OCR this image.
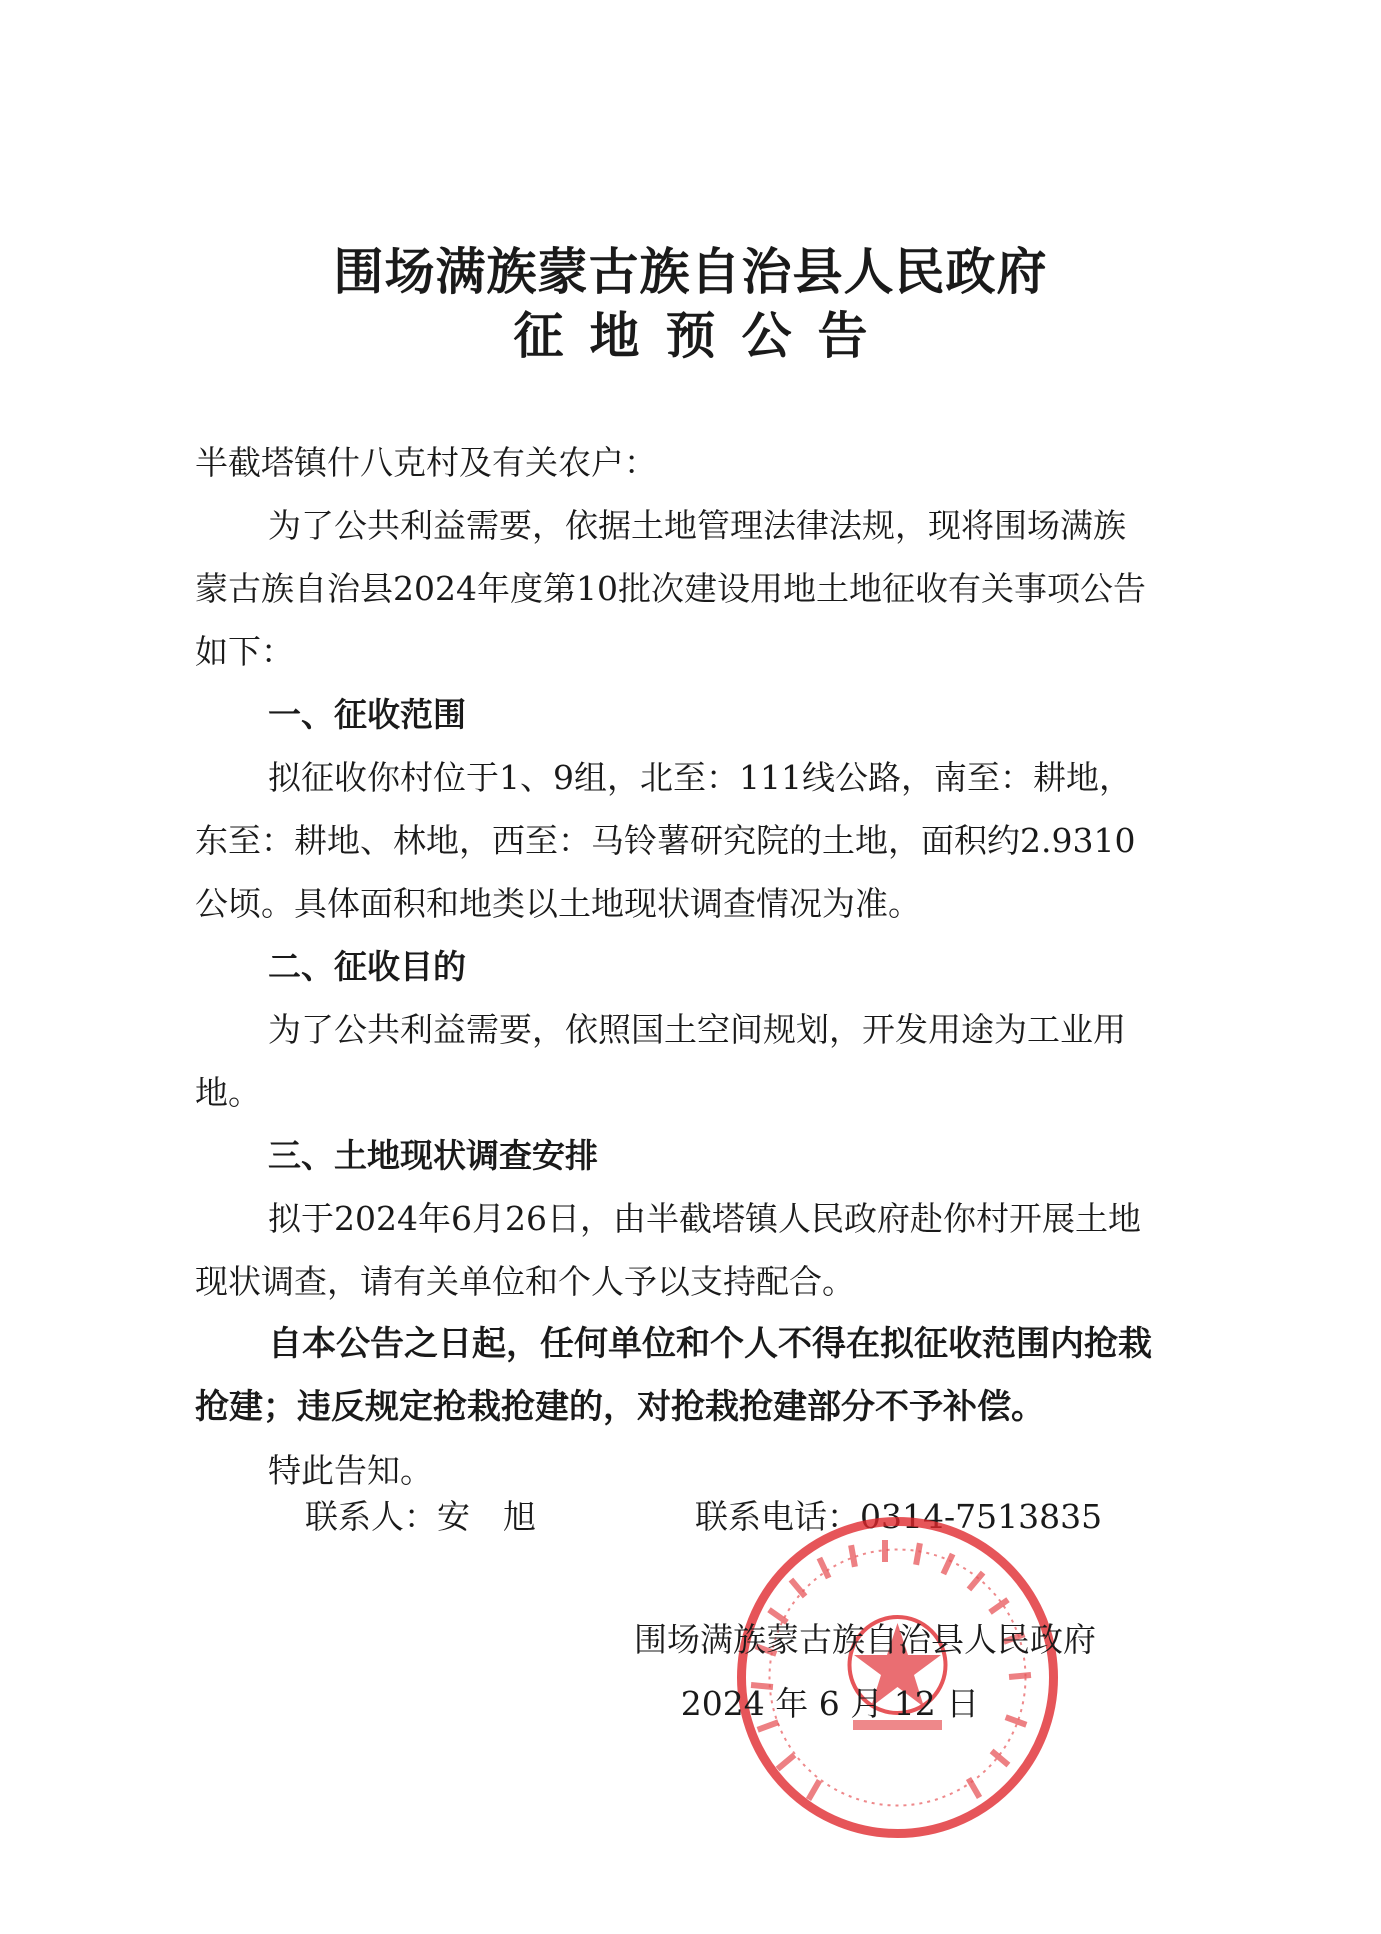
围场满族蒙古族自治县人民政府
征地预公告

半截塔镇什八克村及有关农户：

为了公共利益需要，依据土地管理法律法规，现将围场满族

蒙古族自治县2024年度第10批次建设用地土地征收有关事项公告

如下：

一、征收范围

拟征收你村位于1、9组，北至：111线公路，南至：耕地，

东至：耕地、林地，西至：马铃薯研究院的土地，面积约2.9310

公顷。具体面积和地类以土地现状调查情况为准。

二、征收目的

为了公共利益需要，依照国土空间规划，开发用途为工业用

地。

三、土地现状调查安排

拟于2024年6月26日，由半截塔镇人民政府赴你村开展土地

现状调查，请有关单位和个人予以支持配合。

自本公告之日起，任何单位和个人不得在拟征收范围内抢栽

抢建；违反规定抢栽抢建的，对抢栽抢建部分不予补偿。

特此告知。

联系人：安　旭	联系电话：0314-7513835
围场满族蒙古族自治县人民政府
2024 年 6 月 12 日
